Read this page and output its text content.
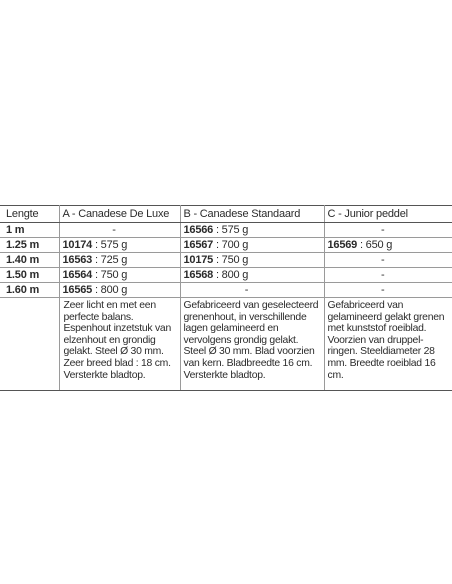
Lengte	A - Canadese De Luxe	B - Canadese Standaard	C - Junior peddel
1 m	-	16566 : 575 g	-

1.25 m	10174 : 575 g	16567 : 700 g	16569 : 650 g
1.40 m	16563 : 725 g	10175 : 750 g	-

1.50 m	16564 : 750 g	16568 : 800 g	-

1.60 m	16565 : 800 g	-	-

	Zeer licht en met een perfecte balans. Espenhout inzetstuk van elzenhout en grondig gelakt. Steel Ø 30 mm. Zeer breed blad : 18 cm. Versterkte bladtop.	Gefabriceerd van geselecteerd grenenhout, in verschillende lagen gelamineerd en vervolgens grondig gelakt. Steel Ø 30 mm. Blad voorzien van kern. Bladbreedte 16 cm. Versterkte bladtop.	Gefabriceerd van gelamineerd gelakt grenen met kunststof roeiblad. Voorzien van druppel-ringen. Steeldiameter 28 mm. Breedte roeiblad 16 cm.
